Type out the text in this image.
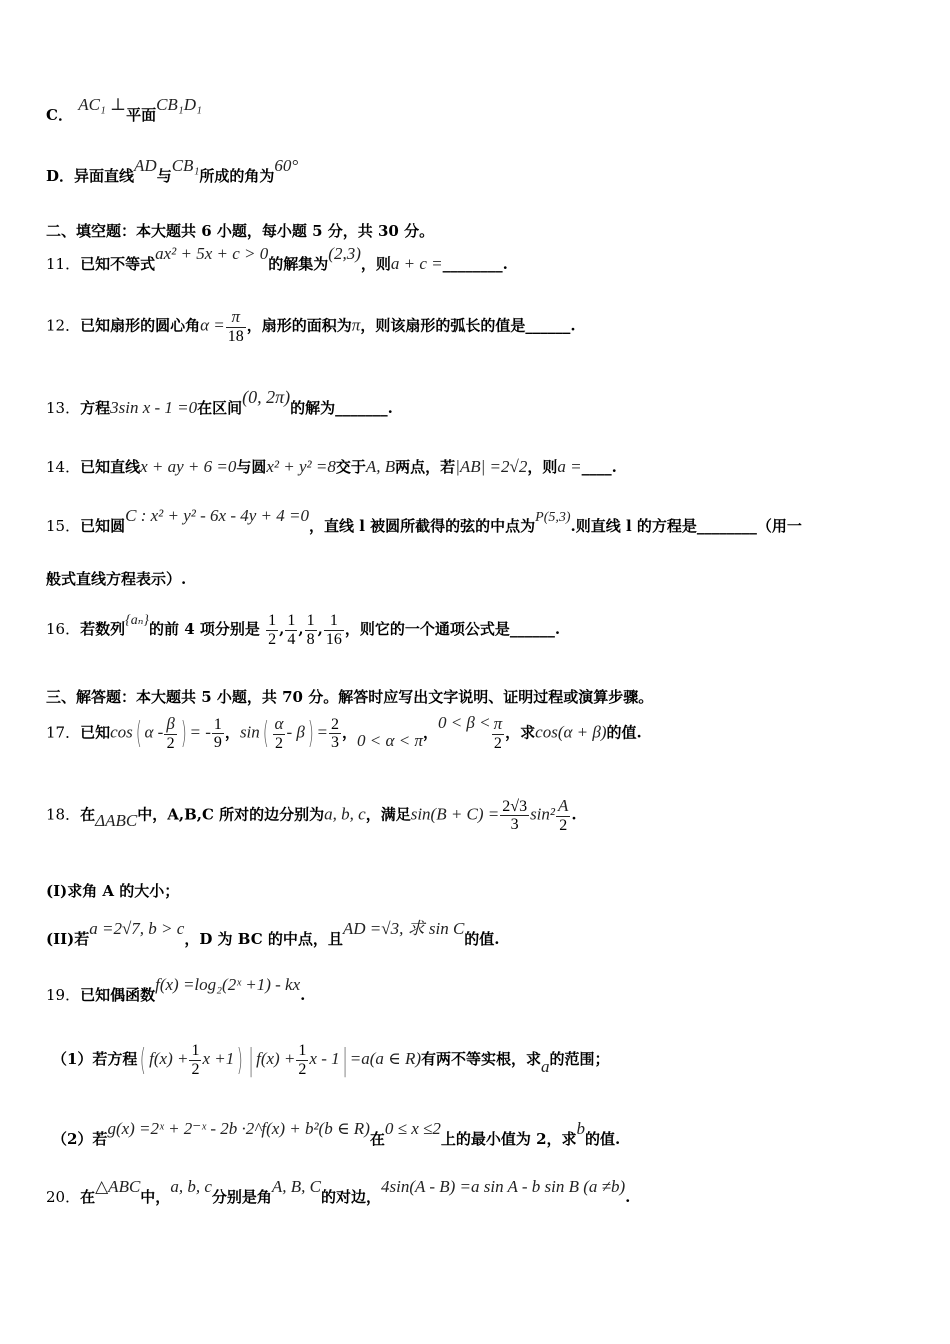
C． AC₁ ⊥平面CB₁D₁
D．异面直线AD与CB₁所成的角为60°
二、填空题：本大题共 6 小题，每小题 5 分，共 30 分。
11．已知不等式ax² + 5x + c > 0的解集为(2,3)，则a + c =________.
12．已知扇形的圆心角$\alpha = \frac{\pi}{18}$ ，扇形的面积为π，则该扇形的弧长的值是______.
13．方程3sin x - 1 =0在区间(0, 2π)的解为_______.
14．已知直线x + ay + 6 =0与圆x² + y² =8交于A, B两点，若|AB| =2√2，则a =____.
15．已知圆C : x² + y² - 6x - 4y + 4 =0，直线 l 被圆所截得的弦的中点为P(5,3).则直线 l 的方程是________（用一
般式直线方程表示）.
16．若数列{aₙ}的前 4 项分别是 $\frac{1}{2}$ , $\frac{1}{4}$ , $\frac{1}{8}$ , $\frac{1}{16}$ ，则它的一个通项公式是______.
三、解答题：本大题共 5 小题，共 70 分。解答时应写出文字说明、证明过程或演算步骤。
17．已知cos( α - $\frac{\beta}{2}$ ) = - $\frac{1}{9}$ ，$\sin( \frac{\alpha}{2} - \beta) = \frac{2}{3}$ ，0 < α < π，$0 < \beta < \frac{\pi}{2}$ ，求cos(α + β)的值.
18．在ΔABC中，A,B,C 所对的边分别为a, b, c，满足$\sin(B + C) = \frac{2√3}{3} \sin^2 \frac{A}{2}$ .
(I)求角 A 的大小；
(II)若a =2√7, b > c，D 为 BC 的中点，且AD =√3, 求 sin C的值.
19．已知偶函数f(x) =log₂(2ˣ +1) - kx.
（1）若方程( $f(x) + \frac{1}{2}$ x +1) | $f(x) + \frac{1}{2}$ x - 1| =a(a ∈ R)有两不等实根，求a的范围；
（2）若g(x) =2ˣ + 2⁻ˣ - 2b ·2^f(x) + b²(b ∈ R)在0 ≤ x ≤2上的最小值为 2，求b的值.
20．在△ABC中，a, b, c分别是角A, B, C的对边，4sin(A - B) =a sin A - b sin B (a ≠b).
